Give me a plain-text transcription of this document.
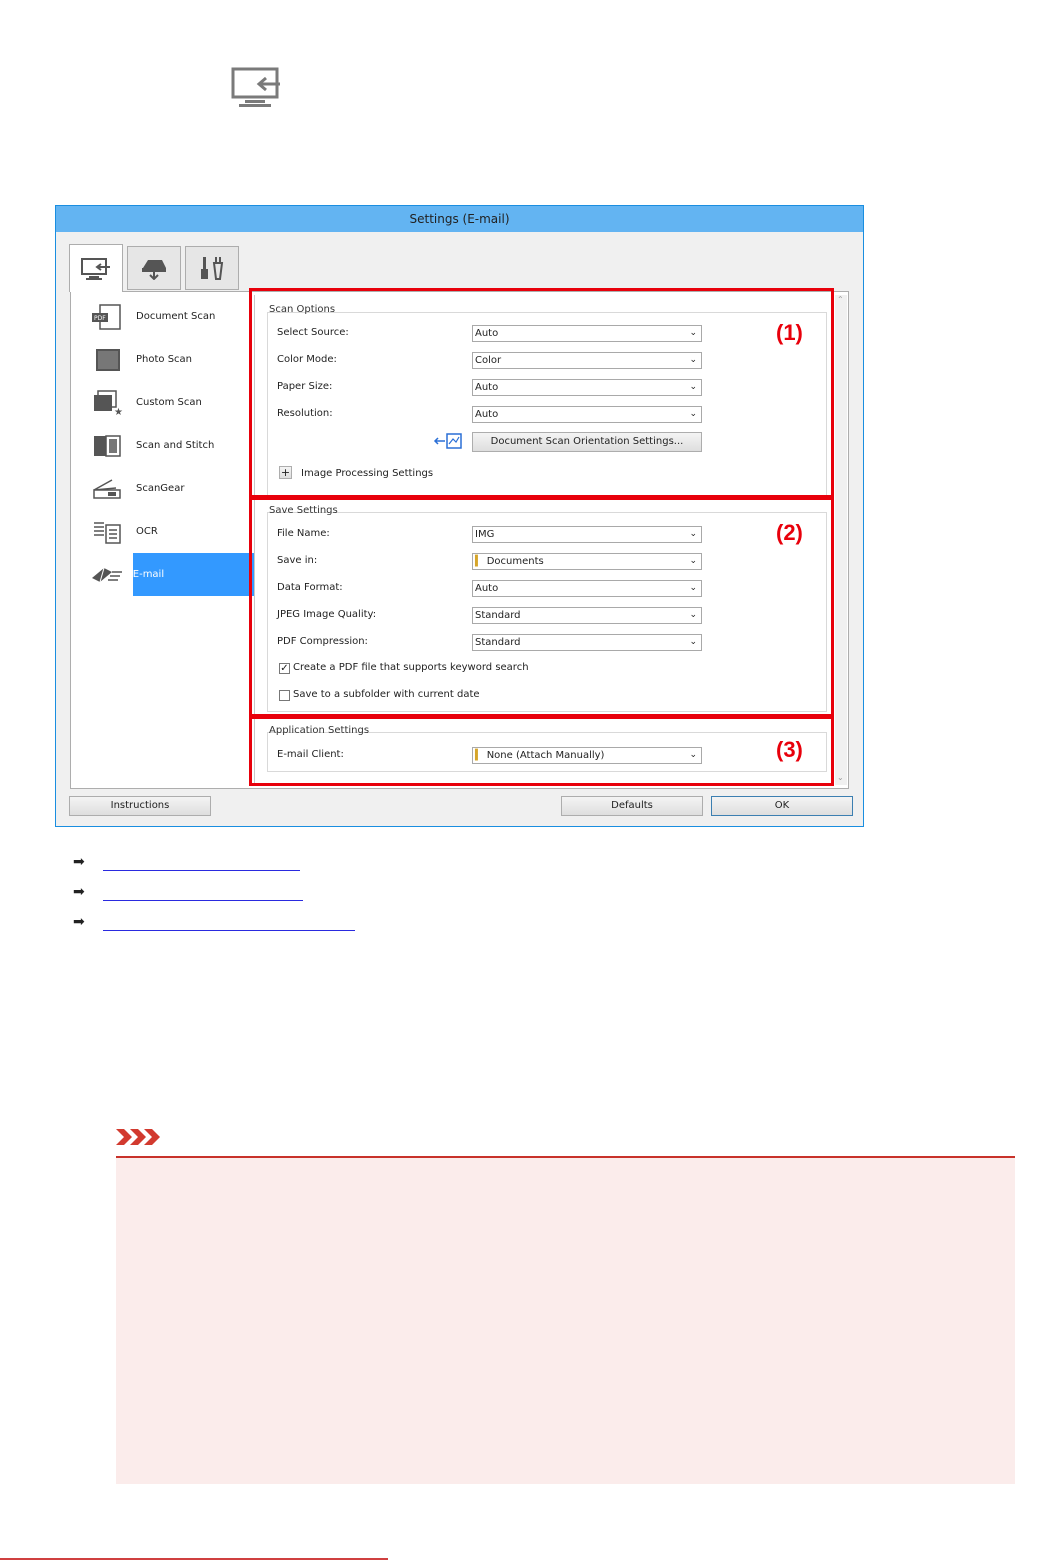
Settings (E-mail)
PDF	Document Scan
Photo Scan
★
Custom Scan
Scan and Stitch
ScanGear
OCR
E-mail
Scan Options
Select Source:	Auto	⌄
Color Mode:	Color	⌄
Paper Size:	Auto	⌄
Resolution:	Auto	⌄
Document Scan Orientation Settings...
+ Image Processing Settings
Save Settings
File Name:	IMG	⌄
Save in:	▍ Documents	⌄
Data Format:	Auto	⌄
JPEG Image Quality:	Standard	⌄
PDF Compression:	Standard	⌄
✓ Create a PDF file that supports keyword search
Save to a subfolder with current date
Application Settings
E-mail Client:	▍ None (Attach Manually)	⌄
⌃
⌄
Instructions	Defaults	OK
(1)
(2)
(3)
➡
➡
➡
